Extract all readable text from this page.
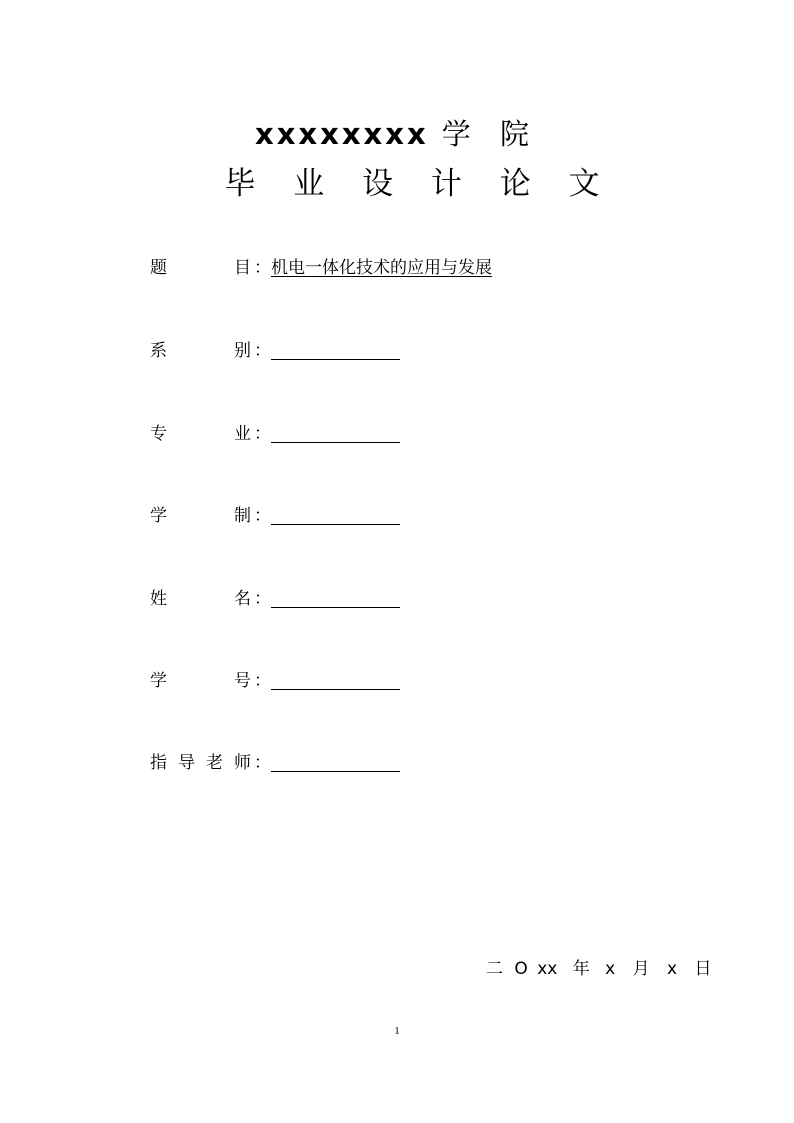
xxxxxxxx 学 院
毕 业 设 计 论 文
题	目 ： 机电一体化技术的应用与发展
系	别 ：
专	业 ：
学	制 ：
姓	名 ：
学	号 ：
指 导 老 师 ：
二 O xx 年 x 月 x 日
1
